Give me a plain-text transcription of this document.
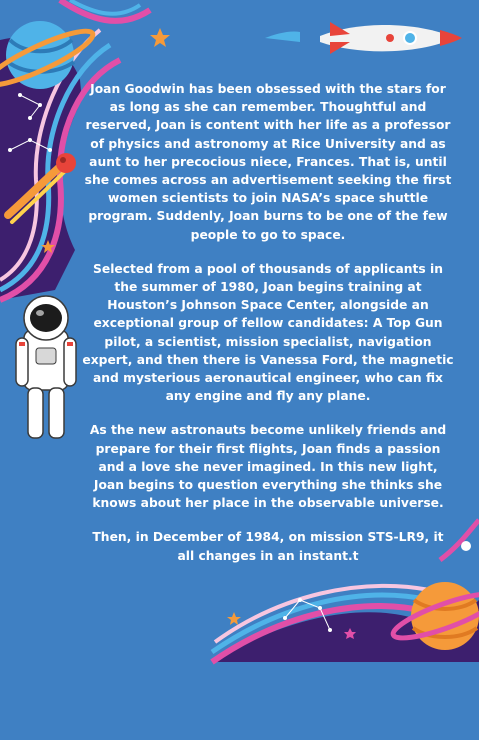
Joan Goodwin has been obsessed with the stars for as long as she can remember. Thoughtful and reserved, Joan is content with her life as a professor of physics and astronomy at Rice University and as aunt to her precocious niece, Frances. That is, until she comes across an advertisement seeking the first women scientists to join NASA’s space shuttle program. Suddenly, Joan burns to be one of the few people to go to space.

Selected from a pool of thousands of applicants in the summer of 1980, Joan begins training at Houston’s Johnson Space Center, alongside an exceptional group of fellow candidates: A Top Gun pilot, a scientist, mission specialist, navigation expert, and then there is Vanessa Ford, the magnetic and mysterious aeronautical engineer, who can fix any engine and fly any plane.

As the new astronauts become unlikely friends and prepare for their first flights, Joan finds a passion and a love she never imagined. In this new light, Joan begins to question everything she thinks she knows about her place in the observable universe.

Then, in December of 1984, on mission STS-LR9, it all changes in an instant.t
